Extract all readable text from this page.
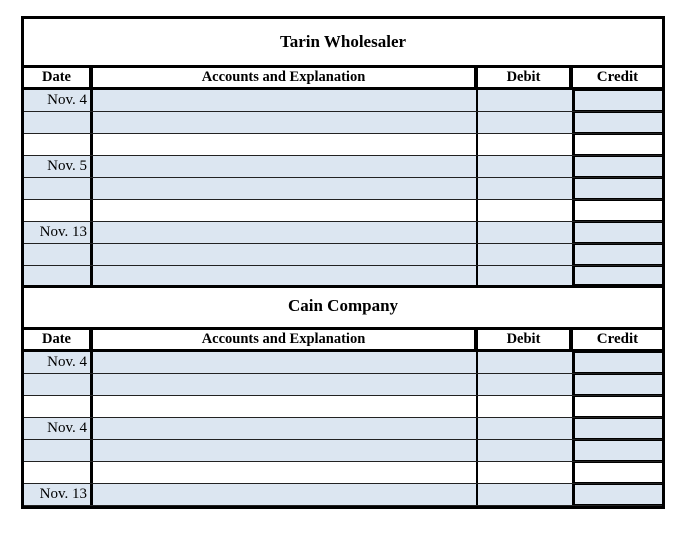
Tarin Wholesaler
Date	Accounts and Explanation	Debit	Credit
Nov. 4
Nov. 5
Nov. 13
Cain Company
Date	Accounts and Explanation	Debit	Credit
Nov. 4
Nov. 4
Nov. 13
